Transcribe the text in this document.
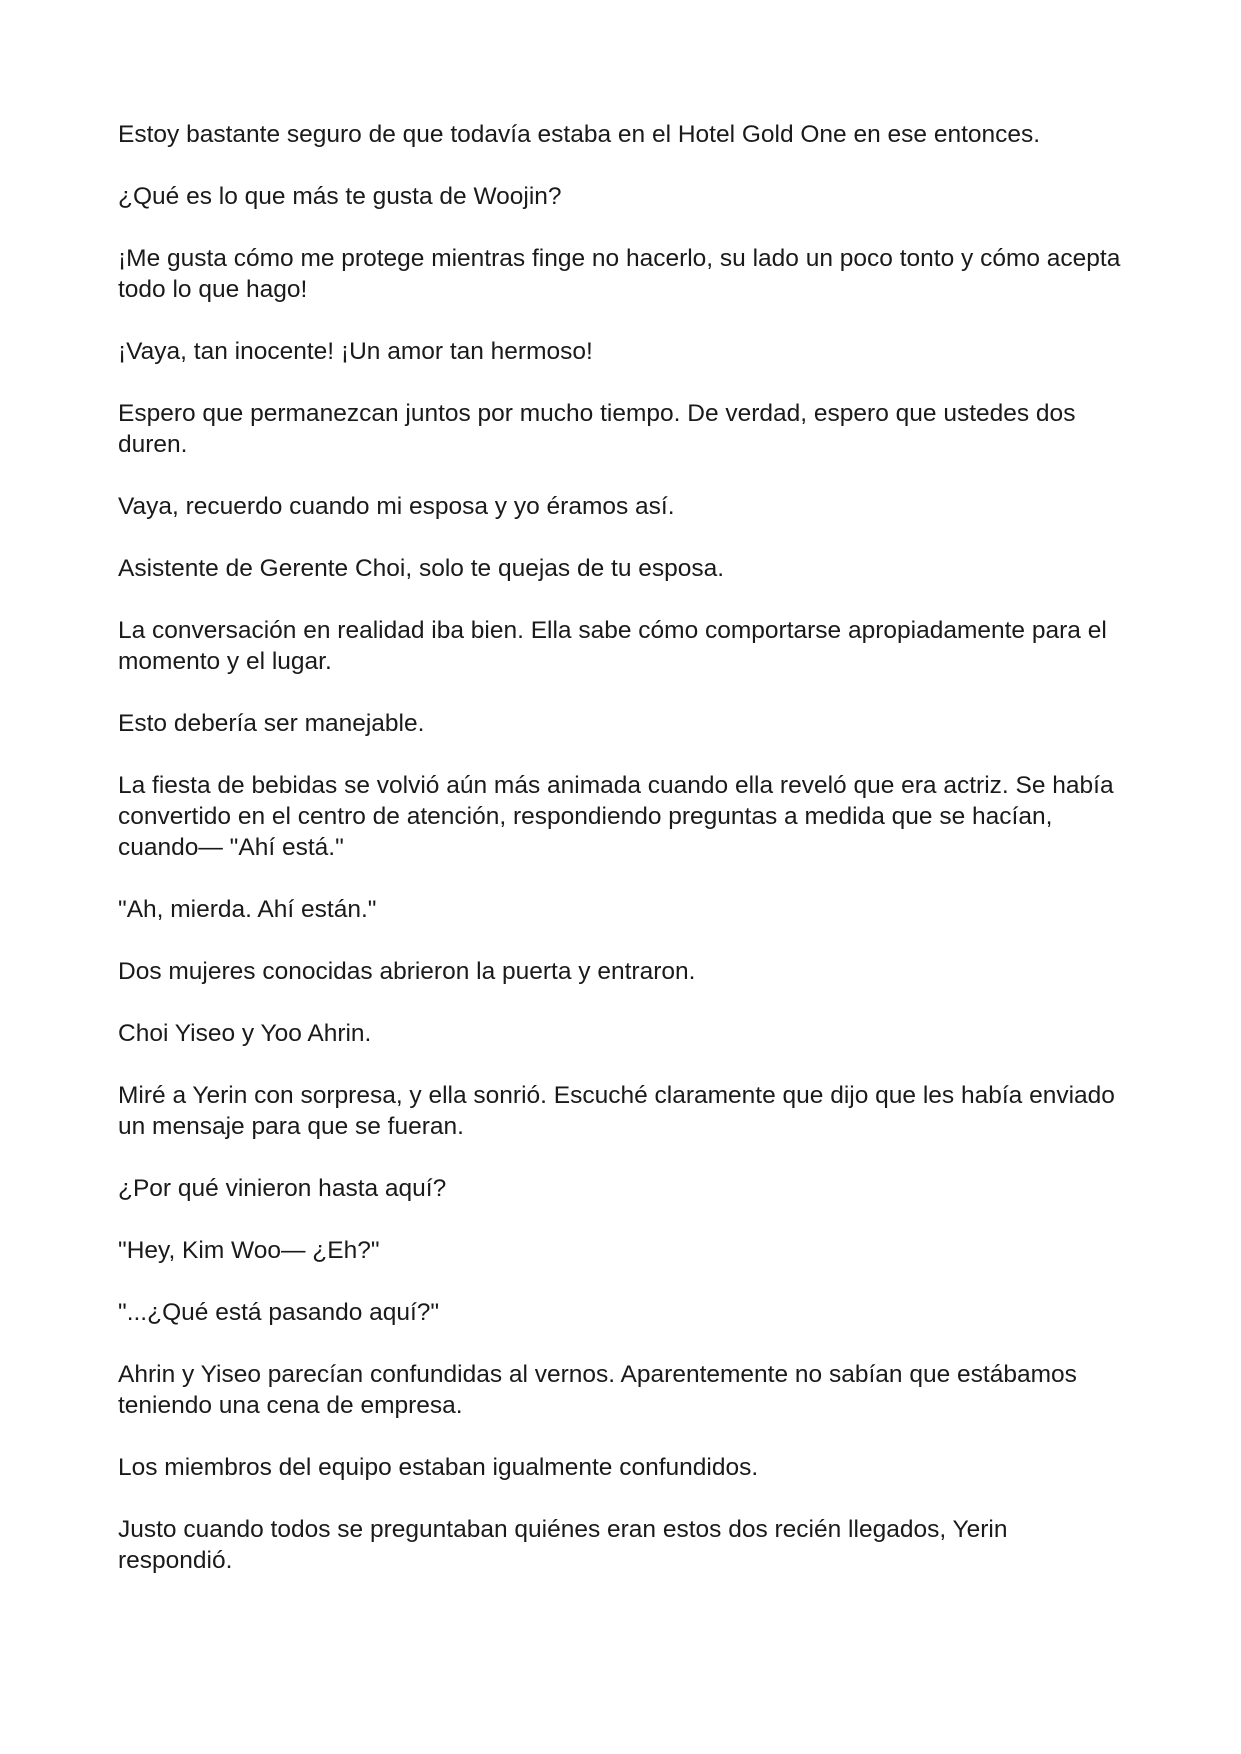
Estoy bastante seguro de que todavía estaba en el Hotel Gold One en ese entonces.

¿Qué es lo que más te gusta de Woojin?

¡Me gusta cómo me protege mientras finge no hacerlo, su lado un poco tonto y cómo acepta todo lo que hago!

¡Vaya, tan inocente! ¡Un amor tan hermoso!

Espero que permanezcan juntos por mucho tiempo. De verdad, espero que ustedes dos duren.

Vaya, recuerdo cuando mi esposa y yo éramos así.

Asistente de Gerente Choi, solo te quejas de tu esposa.

La conversación en realidad iba bien. Ella sabe cómo comportarse apropiadamente para el momento y el lugar.

Esto debería ser manejable.

La fiesta de bebidas se volvió aún más animada cuando ella reveló que era actriz. Se había convertido en el centro de atención, respondiendo preguntas a medida que se hacían, cuando— "Ahí está."

"Ah, mierda. Ahí están."

Dos mujeres conocidas abrieron la puerta y entraron.

Choi Yiseo y Yoo Ahrin.

Miré a Yerin con sorpresa, y ella sonrió. Escuché claramente que dijo que les había enviado un mensaje para que se fueran.

¿Por qué vinieron hasta aquí?

"Hey, Kim Woo— ¿Eh?"

"...¿Qué está pasando aquí?"

Ahrin y Yiseo parecían confundidas al vernos. Aparentemente no sabían que estábamos teniendo una cena de empresa.

Los miembros del equipo estaban igualmente confundidos.

Justo cuando todos se preguntaban quiénes eran estos dos recién llegados, Yerin respondió.
